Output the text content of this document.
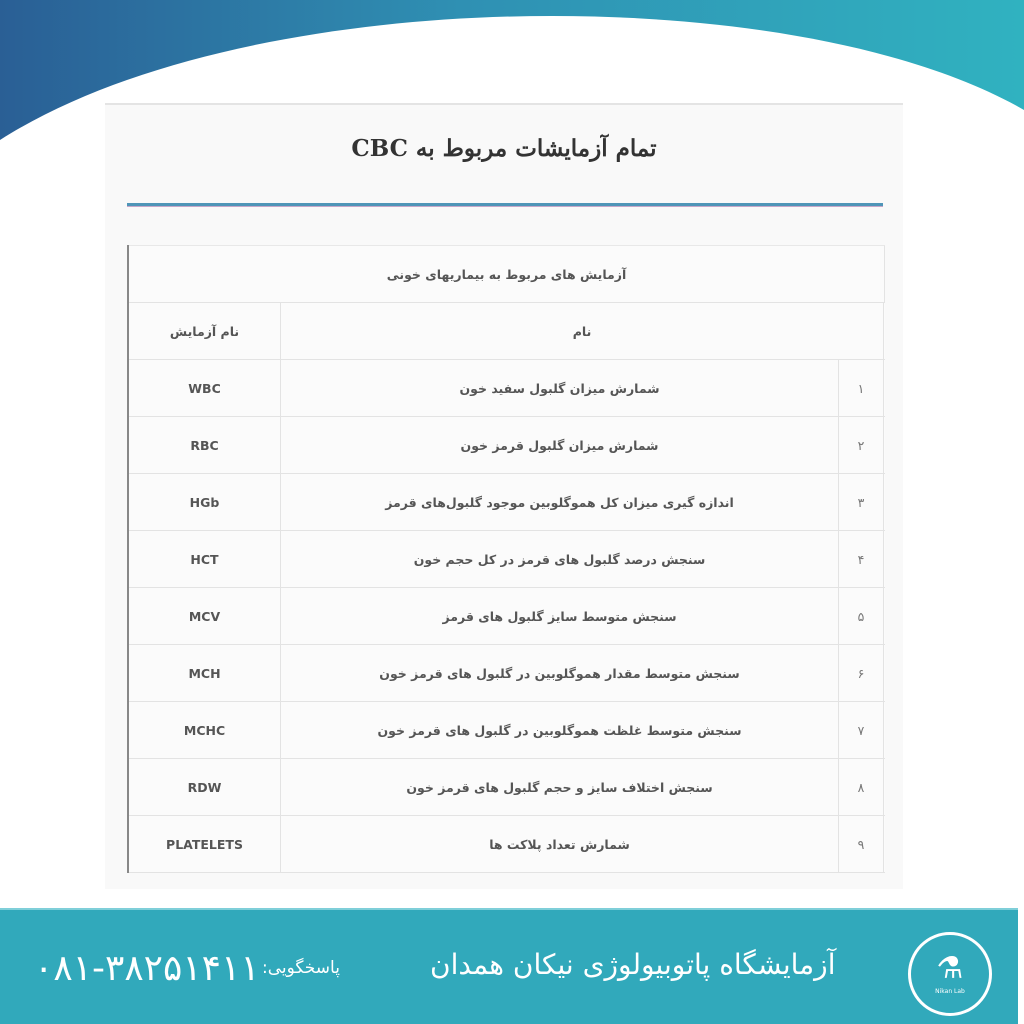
تمام آزمایشات مربوط به CBC
آزمایش های مربوط به بیماریهای خونی
نام آزمایش	نام
WBC	شمارش میزان گلبول سفید خون	۱
RBC	شمارش میزان گلبول قرمز خون	۲
HGb	اندازه گیری میزان کل هموگلوبین موجود گلبول‌های قرمز	۳
HCT	سنجش درصد گلبول های قرمز در کل حجم خون	۴
MCV	سنجش متوسط سایز گلبول های قرمز	۵
MCH	سنجش متوسط مقدار هموگلوبین در گلبول های قرمز خون	۶
MCHC	سنجش متوسط غلظت هموگلوبین در گلبول های قرمز خون	۷
RDW	سنجش اختلاف سایز و حجم گلبول های قرمز خون	۸
PLATELETS	شمارش تعداد پلاکت ها	۹
۰۸۱-۳۸۲۵۱۴۱۱ پاسخگویی:	آزمایشگاه پاتوبیولوژی نیکان همدان	⚗
Nikan Lab
